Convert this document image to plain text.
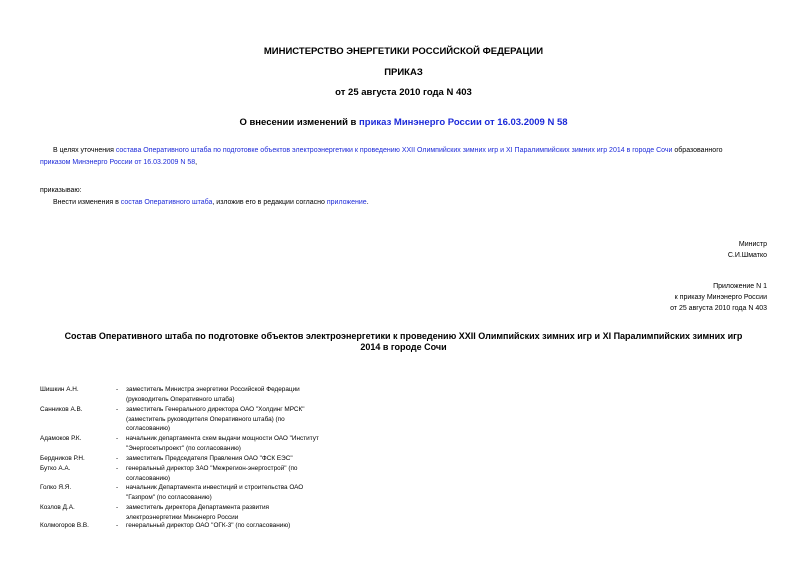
МИНИСТЕРСТВО ЭНЕРГЕТИКИ РОССИЙСКОЙ ФЕДЕРАЦИИ
ПРИКАЗ
от 25 августа 2010 года N 403
О внесении изменений в приказ Минэнерго России от 16.03.2009 N 58
В целях уточнения состава Оперативного штаба по подготовке объектов электроэнергетики к проведению XXII Олимпийских зимних игр и XI Паралимпийских зимних игр 2014 в городе Сочи образованного
приказом Минэнерго России от 16.03.2009 N 58,
приказываю:
Внести изменения в состав Оперативного штаба, изложив его в редакции согласно приложение.
Министр
С.И.Шматко
Приложение N 1
к приказу Минэнерго России
от 25 августа 2010 года N 403
Состав Оперативного штаба по подготовке объектов электроэнергетики к проведению XXII Олимпийских зимних игр и XI Паралимпийских зимних игр 2014 в городе Сочи
Шишкин А.Н.	- заместитель Министра энергетики Российской Федерации (руководитель Оперативного штаба)
Санников А.В.	- заместитель Генерального директора ОАО "Холдинг МРСК" (заместитель руководителя Оперативного штаба) (по согласованию)
Адамоков Р.К.	- начальник департамента схем выдачи мощности ОАО "Институт "Энергосетьпроект" (по согласованию)
Бердников Р.Н.	- заместитель Председателя Правления ОАО "ФСК ЕЭС"
Бутко А.А.	- генеральный директор ЗАО "Межрегион-энергострой" (по согласованию)
Голко Я.Я.	- начальник Департамента инвестиций и строительства ОАО "Газпром" (по согласованию)
Козлов Д.А.	- заместитель директора Департамента развития электроэнергетики Минэнерго России
Колмогоров В.В.	- генеральный директор ОАО "ОГК-3" (по согласованию)
